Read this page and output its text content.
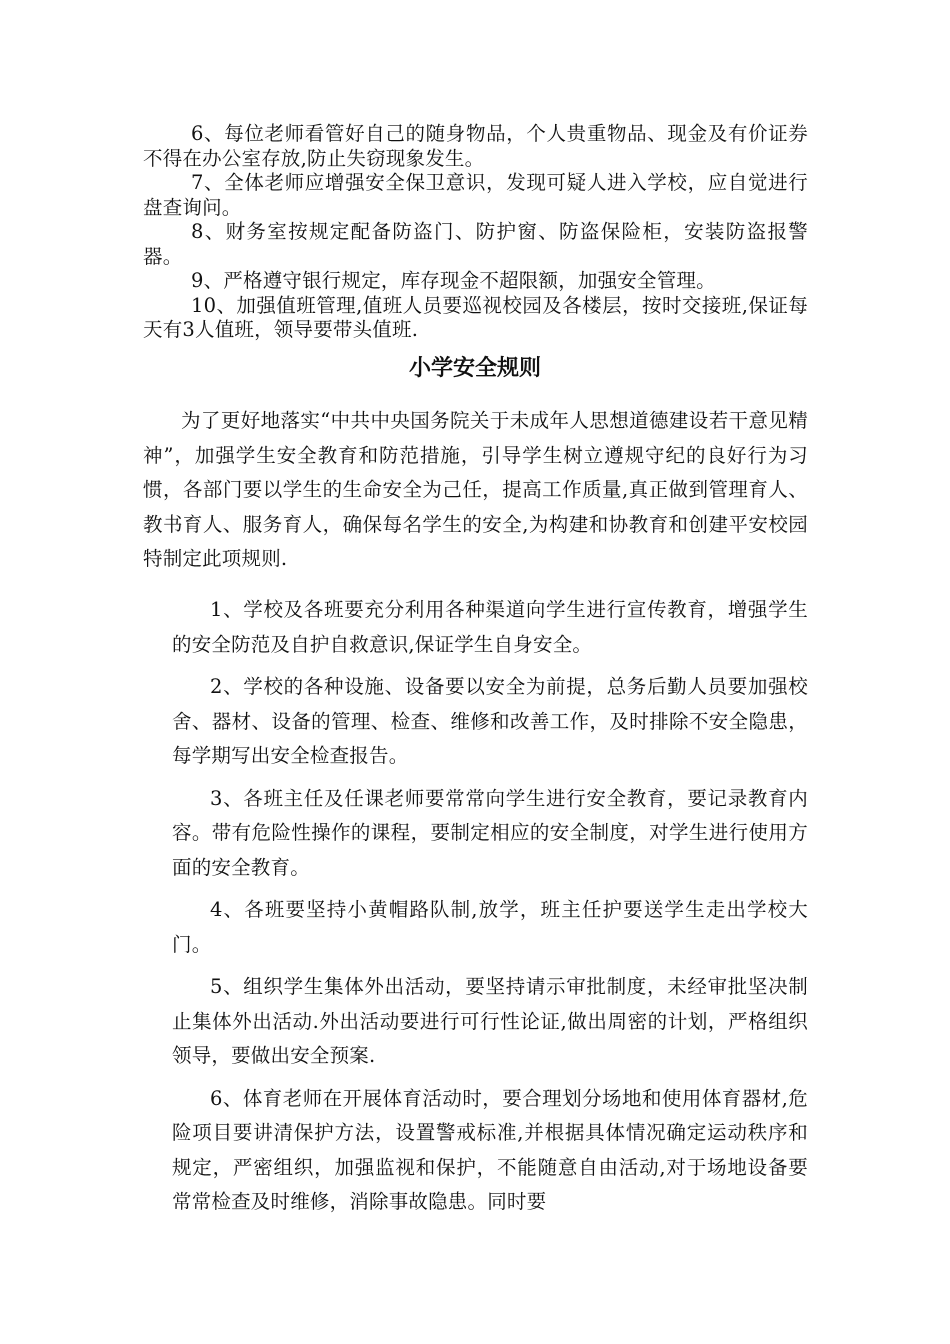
6、每位老师看管好自己的随身物品，个人贵重物品、现金及有价证券不得在办公室存放,防止失窃现象发生。

7、全体老师应增强安全保卫意识，发现可疑人进入学校，应自觉进行盘查询问。

8、财务室按规定配备防盗门、防护窗、防盗保险柜，安装防盗报警器。

9、严格遵守银行规定，库存现金不超限额，加强安全管理。

10、加强值班管理,值班人员要巡视校园及各楼层，按时交接班,保证每天有3人值班，领导要带头值班.

小学安全规则

为了更好地落实“中共中央国务院关于未成年人思想道德建设若干意见精神”，加强学生安全教育和防范措施，引导学生树立遵规守纪的良好行为习惯，各部门要以学生的生命安全为己任，提高工作质量,真正做到管理育人、教书育人、服务育人，确保每名学生的安全,为构建和协教育和创建平安校园特制定此项规则.

1、学校及各班要充分利用各种渠道向学生进行宣传教育，增强学生的安全防范及自护自救意识,保证学生自身安全。

2、学校的各种设施、设备要以安全为前提，总务后勤人员要加强校舍、器材、设备的管理、检查、维修和改善工作，及时排除不安全隐患，每学期写出安全检查报告。

3、各班主任及任课老师要常常向学生进行安全教育，要记录教育内容。带有危险性操作的课程，要制定相应的安全制度，对学生进行使用方面的安全教育。

4、各班要坚持小黄帽路队制,放学，班主任护要送学生走出学校大门。

5、组织学生集体外出活动，要坚持请示审批制度，未经审批坚决制止集体外出活动.外出活动要进行可行性论证,做出周密的计划，严格组织领导，要做出安全预案.

6、体育老师在开展体育活动时，要合理划分场地和使用体育器材,危险项目要讲清保护方法，设置警戒标准,并根据具体情况确定运动秩序和规定，严密组织，加强监视和保护，不能随意自由活动,对于场地设备要常常检查及时维修，消除事故隐患。同时要
